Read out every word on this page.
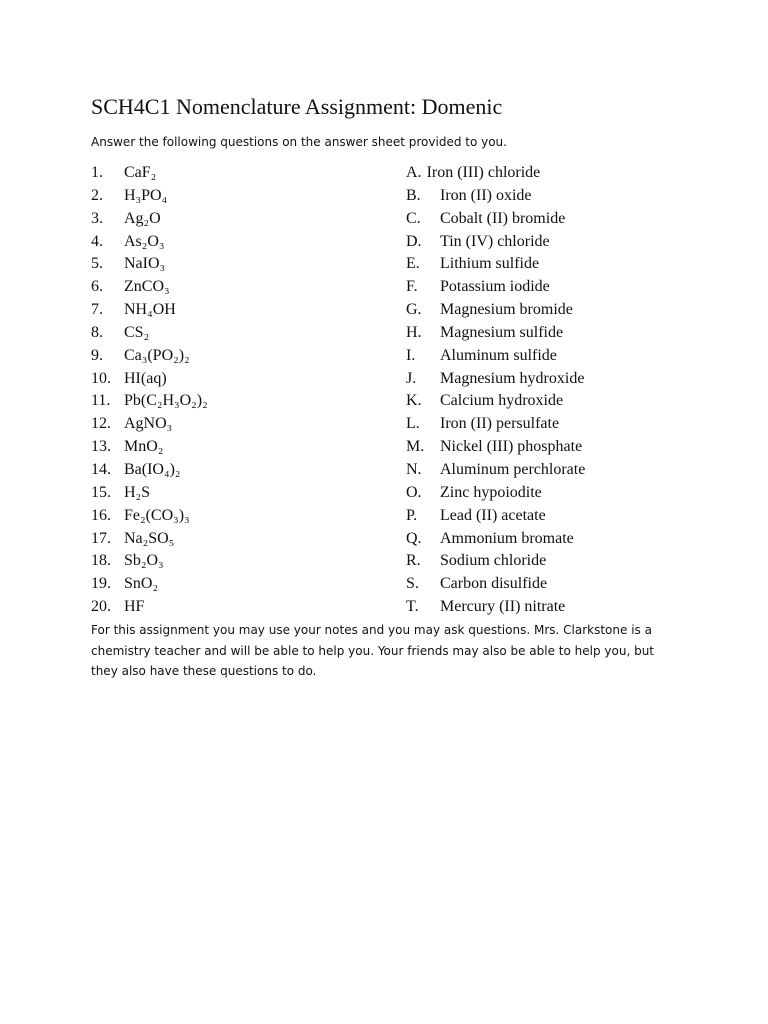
SCH4C1 Nomenclature Assignment: Domenic
Answer the following questions on the answer sheet provided to you.
1.	CaF₂
2.	H₃PO₄
3.	Ag₂O
4.	As₂O₃
5.	NaIO₃
6.	ZnCO₃
7.	NH₄OH
8.	CS₂
9.	Ca₃(PO₂)₂
10. HI(aq)
11. Pb(C₂H₃O₂)₂
12. AgNO₃
13. MnO₂
14. Ba(IO₄)₂
15. H₂S
16. Fe₂(CO₃)₃
17. Na₂SO₅
18. Sb₂O₃
19. SnO₂
20. HF
A. Iron (III) chloride
B.	Iron (II) oxide
C.	Cobalt (II) bromide
D.	Tin (IV) chloride
E.	Lithium sulfide
F.	Potassium iodide
G.	Magnesium bromide
H.	Magnesium sulfide
I.	Aluminum sulfide
J.	Magnesium hydroxide
K.	Calcium hydroxide
L.	Iron (II) persulfate
M. Nickel (III) phosphate
N.	Aluminum perchlorate
O.	Zinc hypoiodite
P.	Lead (II) acetate
Q.	Ammonium bromate
R.	Sodium chloride
S.	Carbon disulfide
T.	Mercury (II) nitrate
For this assignment you may use your notes and you may ask questions. Mrs. Clarkstone is a
chemistry teacher and will be able to help you. Your friends may also be able to help you, but
they also have these questions to do.
